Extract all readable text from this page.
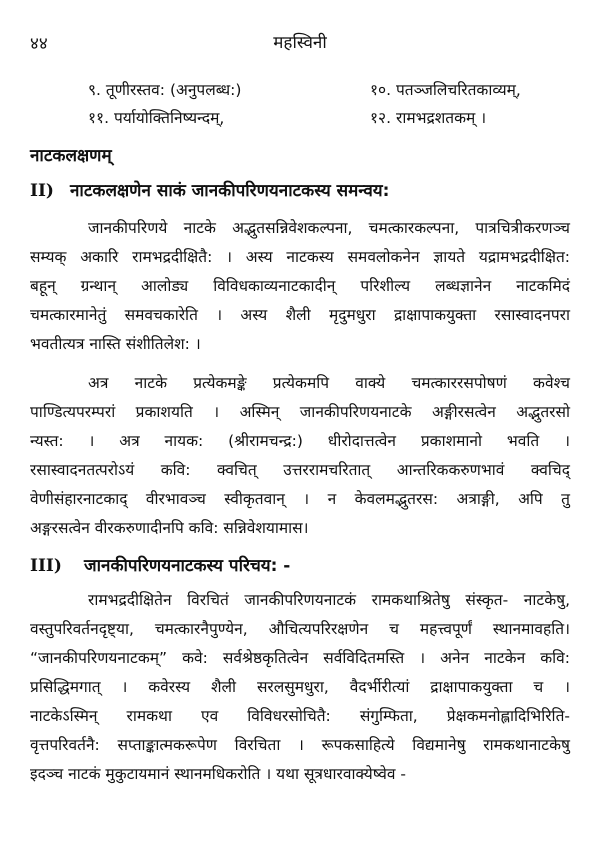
४४	महस्विनी
९. तूणीरस्तव: (अनुपलब्ध:)	१०. पतञ्जलिचरितकाव्यम्,
११. पर्यायोक्तिनिष्यन्दम्,	१२. रामभद्रशतकम् ।
नाटकलक्षणम्
II) नाटकलक्षणेन साकं जानकीपरिणयनाटकस्य समन्वय:
जानकीपरिणये नाटके अद्भुतसन्निवेशकल्पना, चमत्कारकल्पना, पात्रचित्रीकरणञ्च
सम्यक् अकारि रामभद्रदीक्षितै: । अस्य नाटकस्य समवलोकनेन ज्ञायते यद्रामभद्रदीक्षित:
बहून् ग्रन्थान् आलोड्य विविधकाव्यनाटकादीन् परिशील्य लब्धज्ञानेन नाटकमिदं
चमत्कारमानेतुं समवचकारेति । अस्य शैली मृदुमधुरा द्राक्षापाकयुक्ता रसास्वादनपरा
भवतीत्यत्र नास्ति संशीतिलेश: ।
अत्र नाटके प्रत्येकमङ्के प्रत्येकमपि वाक्ये चमत्काररसपोषणं कवेश्च
पाण्डित्यपरम्परां प्रकाशयति । अस्मिन् जानकीपरिणयनाटके अङ्गीरसत्वेन अद्भुतरसो
न्यस्त: । अत्र नायक: (श्रीरामचन्द्र:) धीरोदात्तत्वेन प्रकाशमानो भवति ।
रसास्वादनतत्परोऽयं कवि: क्वचित् उत्तररामचरितात् आन्तरिककरुणभावं क्वचिद्
वेणीसंहारनाटकाद् वीरभावञ्च स्वीकृतवान् । न केवलमद्भुतरस: अत्राङ्गी, अपि तु
अङ्गरसत्वेन वीरकरुणादीनपि कवि: सन्निवेशयामास।
III) जानकीपरिणयनाटकस्य परिचय: -
रामभद्रदीक्षितेन विरचितं जानकीपरिणयनाटकं रामकथाश्रितेषु संस्कृत- नाटकेषु,
वस्तुपरिवर्तनदृष्ट्या, चमत्कारनैपुण्येन, औचित्यपरिरक्षणेन च महत्त्वपूर्णं स्थानमावहति।
“जानकीपरिणयनाटकम्” कवे: सर्वश्रेष्ठकृतित्वेन सर्वविदितमस्ति । अनेन नाटकेन कवि:
प्रसिद्धिमगात् । कवेरस्य शैली सरलसुमधुरा, वैदर्भीरीत्यां द्राक्षापाकयुक्ता च ।
नाटकेऽस्मिन् रामकथा एव विविधरसोचितै: संगुम्फिता, प्रेक्षकमनोह्लादिभिरिति-
वृत्तपरिवर्तनै: सप्ताङ्कात्मकरूपेण विरचिता । रूपकसाहित्ये विद्यमानेषु रामकथानाटकेषु
इदञ्च नाटकं मुकुटायमानं स्थानमधिकरोति । यथा सूत्रधारवाक्येष्वेव -
